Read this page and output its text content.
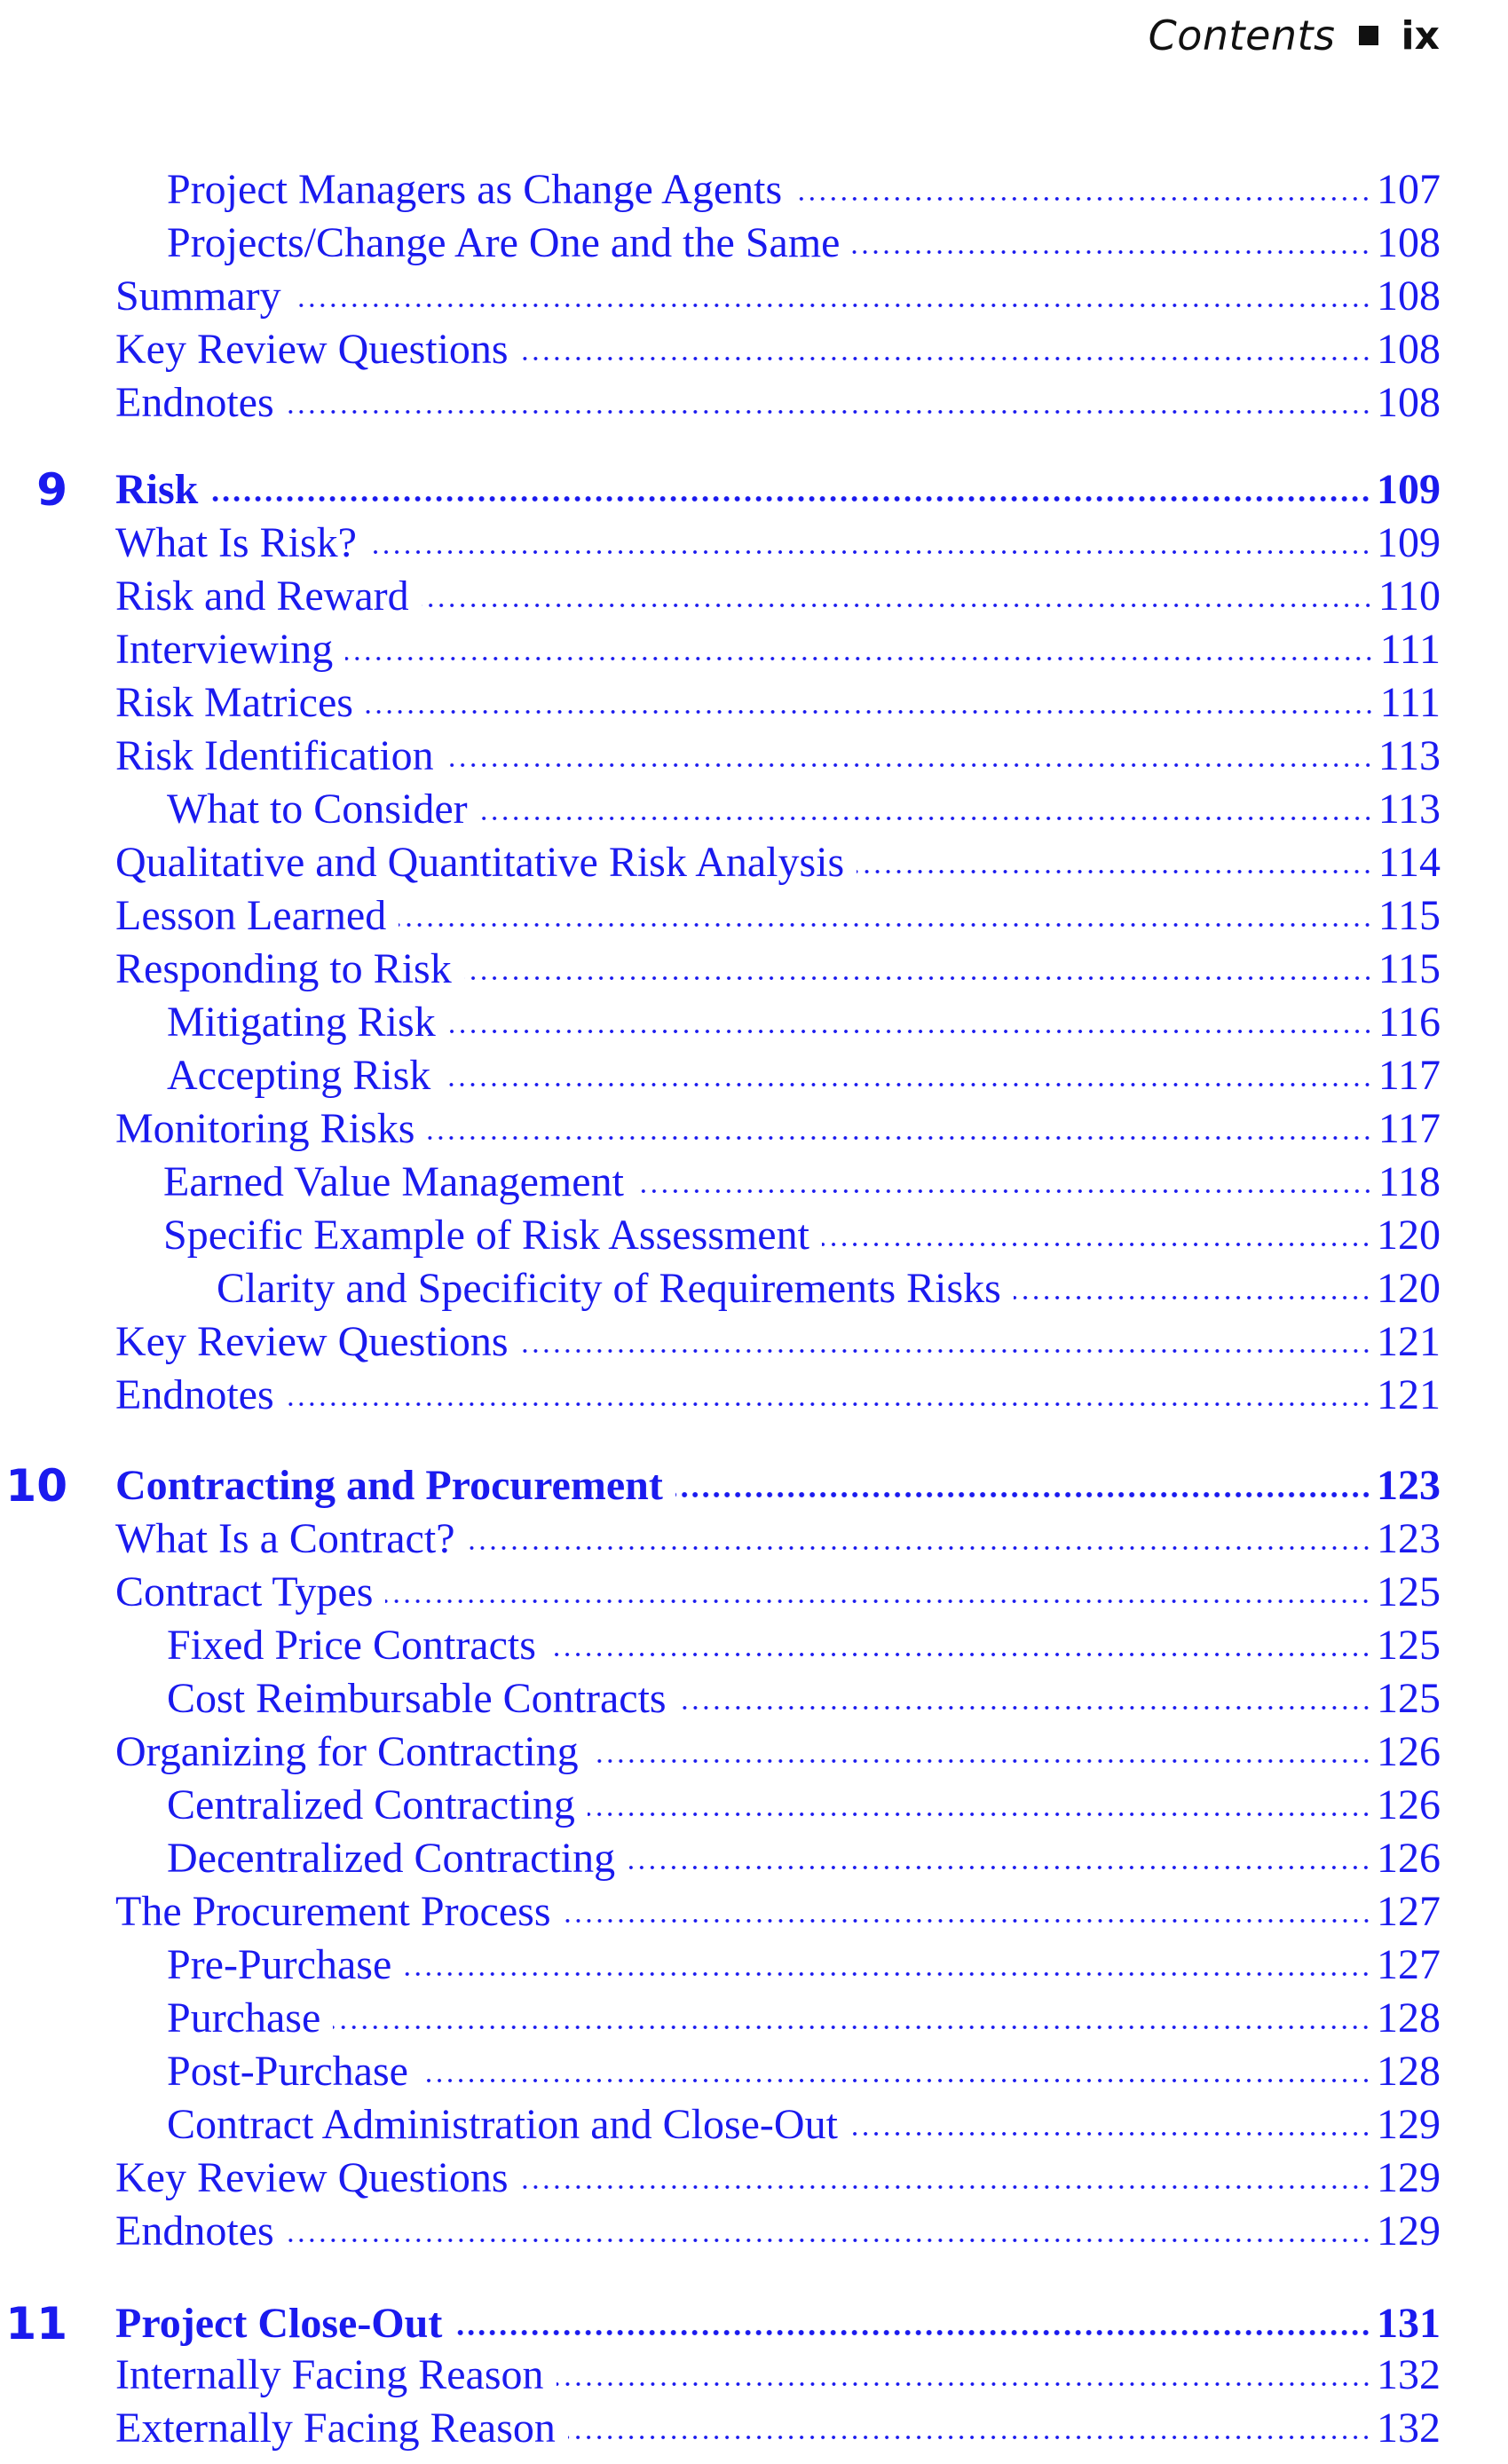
Contents ix
Project Managers as Change Agents	107
Projects/Change Are One and the Same	108
Summary	108
Key Review Questions	108
Endnotes	108
9 Risk	109
What Is Risk?	109
Risk and Reward	110
Interviewing	111
Risk Matrices	111
Risk Identification	113
What to Consider	113
Qualitative and Quantitative Risk Analysis	114
Lesson Learned	115
Responding to Risk	115
Mitigating Risk	116
Accepting Risk	117
Monitoring Risks	117
Earned Value Management	118
Specific Example of Risk Assessment	120
Clarity and Specificity of Requirements Risks	120
Key Review Questions	121
Endnotes	121
10 Contracting and Procurement	123
What Is a Contract?	123
Contract Types	125
Fixed Price Contracts	125
Cost Reimbursable Contracts	125
Organizing for Contracting	126
Centralized Contracting	126
Decentralized Contracting	126
The Procurement Process	127
Pre-Purchase	127
Purchase	128
Post-Purchase	128
Contract Administration and Close-Out	129
Key Review Questions	129
Endnotes	129
11 Project Close-Out	131
Internally Facing Reason	132
Externally Facing Reason	132
